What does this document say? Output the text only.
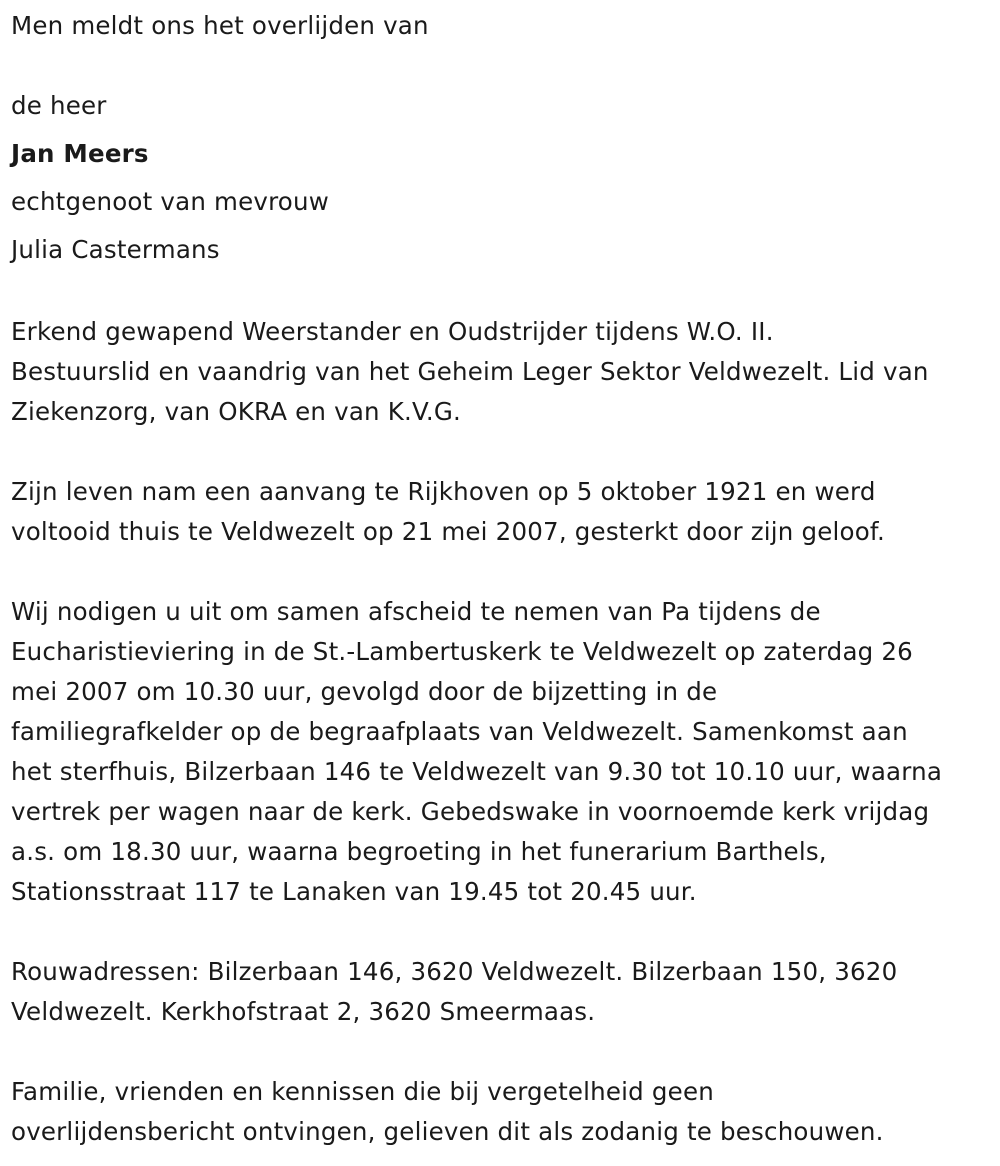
Men meldt ons het overlijden van
de heer
Jan Meers
echtgenoot van mevrouw
Julia Castermans
Erkend gewapend Weerstander en Oudstrijder tijdens W.O. II.
Bestuurslid en vaandrig van het Geheim Leger Sektor Veldwezelt. Lid van
Ziekenzorg, van OKRA en van K.V.G.
Zijn leven nam een aanvang te Rijkhoven op 5 oktober 1921 en werd
voltooid thuis te Veldwezelt op 21 mei 2007, gesterkt door zijn geloof.
Wij nodigen u uit om samen afscheid te nemen van Pa tijdens de
Eucharistieviering in de St.-Lambertuskerk te Veldwezelt op zaterdag 26
mei 2007 om 10.30 uur, gevolgd door de bijzetting in de
familiegrafkelder op de begraafplaats van Veldwezelt. Samenkomst aan
het sterfhuis, Bilzerbaan 146 te Veldwezelt van 9.30 tot 10.10 uur, waarna
vertrek per wagen naar de kerk. Gebedswake in voornoemde kerk vrijdag
a.s. om 18.30 uur, waarna begroeting in het funerarium Barthels,
Stationsstraat 117 te Lanaken van 19.45 tot 20.45 uur.
Rouwadressen: Bilzerbaan 146, 3620 Veldwezelt. Bilzerbaan 150, 3620
Veldwezelt. Kerkhofstraat 2, 3620 Smeermaas.
Familie, vrienden en kennissen die bij vergetelheid geen
overlijdensbericht ontvingen, gelieven dit als zodanig te beschouwen.
